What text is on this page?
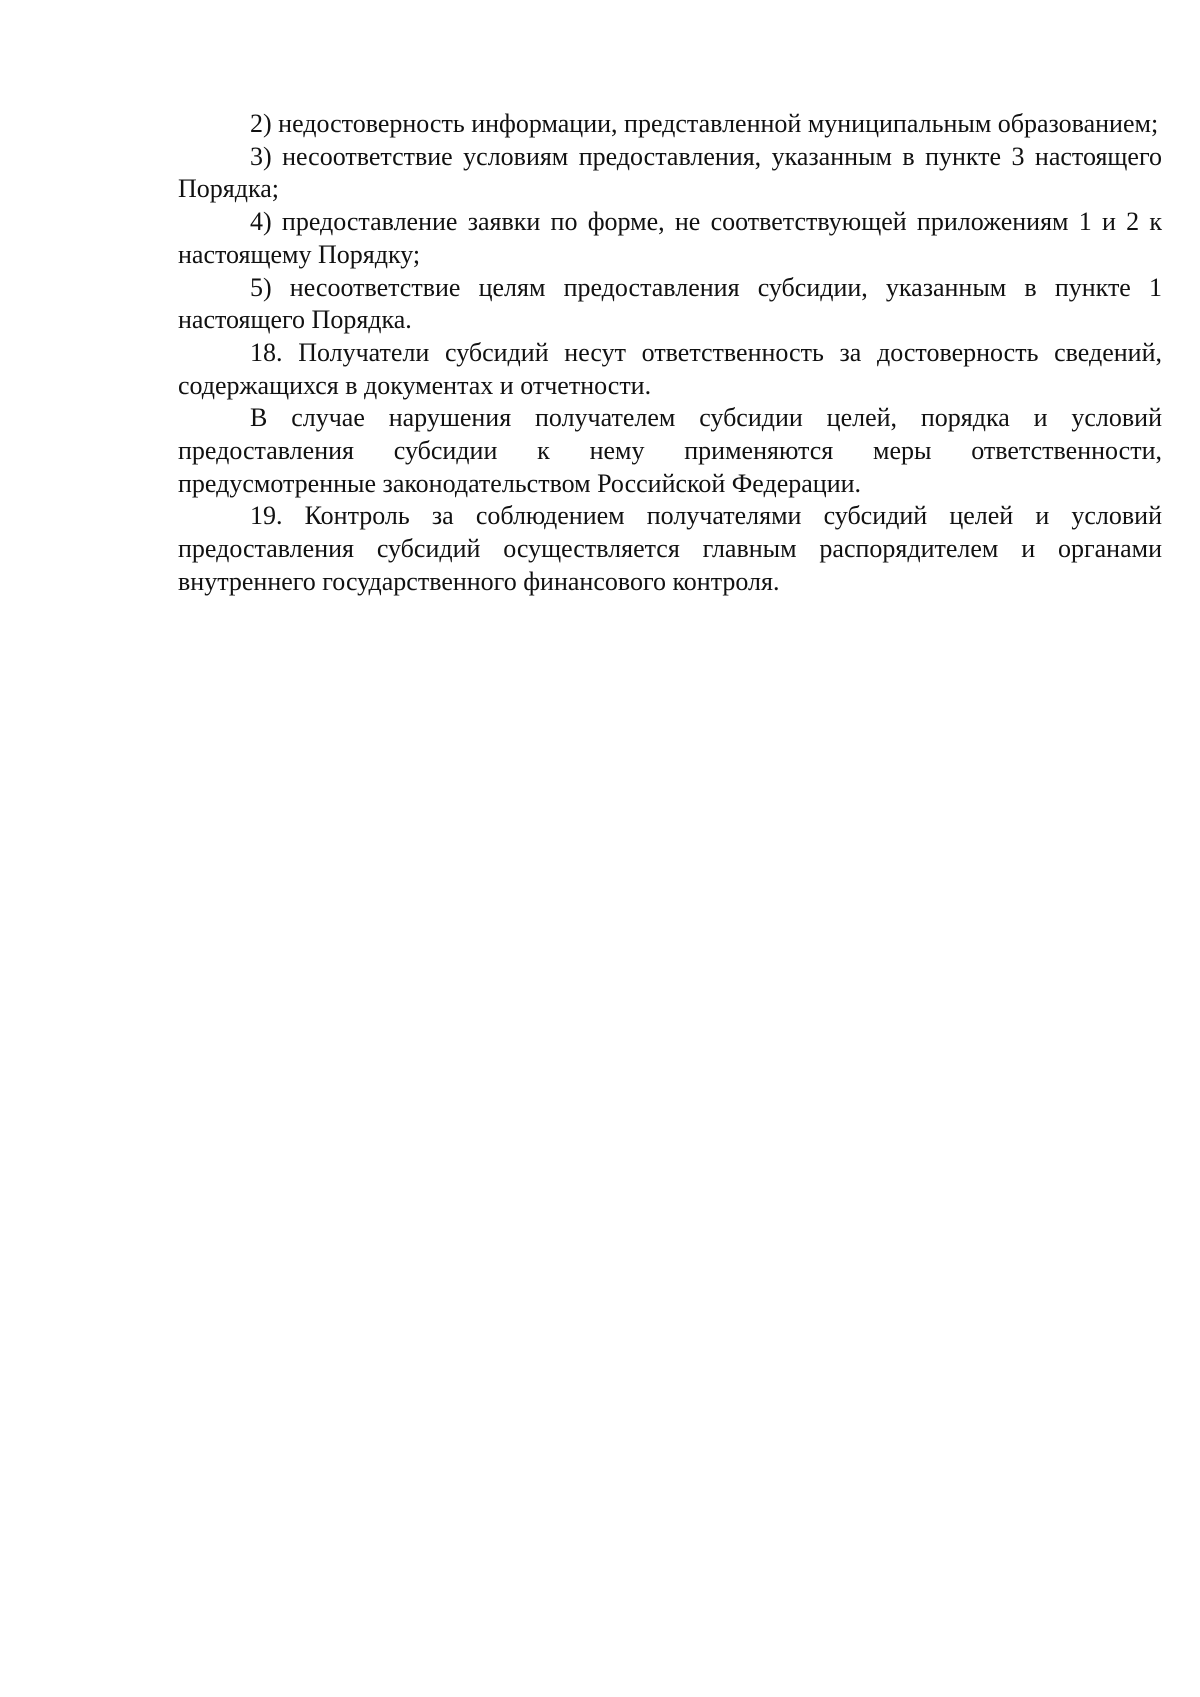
2) недостоверность информации, представленной муниципальным образованием;

3) несоответствие условиям предоставления, указанным в пункте 3 настоящего Порядка;

4) предоставление заявки по форме, не соответствующей приложениям 1 и 2 к настоящему Порядку;

5) несоответствие целям предоставления субсидии, указанным в пункте 1 настоящего Порядка.

18. Получатели субсидий несут ответственность за достоверность сведений, содержащихся в документах и отчетности.

В случае нарушения получателем субсидии целей, порядка и условий предоставления субсидии к нему применяются меры ответственности, предусмотренные законодательством Российской Федерации.

19. Контроль за соблюдением получателями субсидий целей и условий предоставления субсидий осуществляется главным распорядителем и органами внутреннего государственного финансового контроля.
